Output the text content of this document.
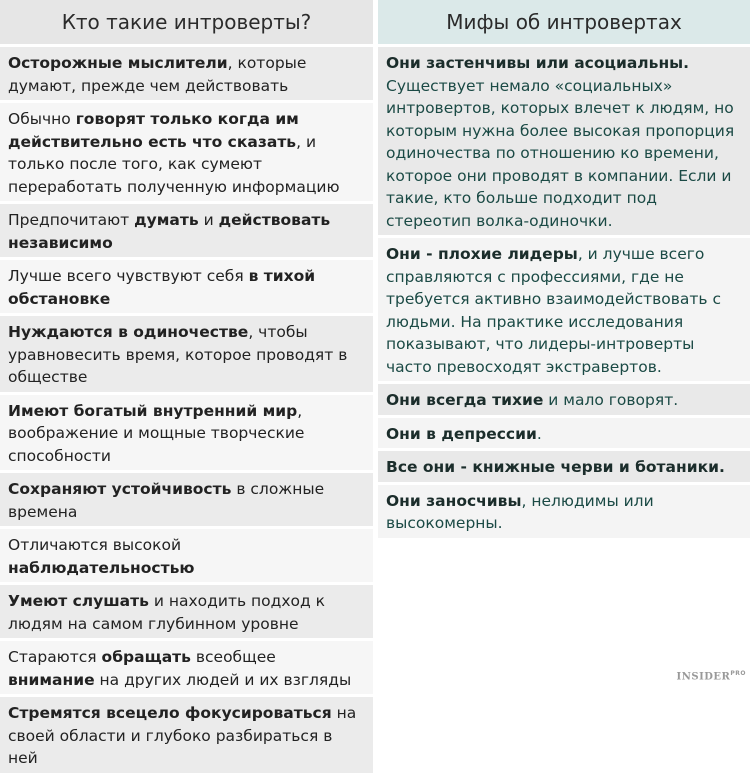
Кто такие интроверты?
Осторожные мыслители, которые думают, прежде чем действовать
Обычно говорят только когда им действительно есть что сказать, и только после того, как сумеют переработать полученную информацию
Предпочитают думать и действовать независимо
Лучше всего чувствуют себя в тихой обстановке
Нуждаются в одиночестве, чтобы уравновесить время, которое проводят в обществе
Имеют богатый внутренний мир, воображение и мощные творческие способности
Сохраняют устойчивость в сложные времена
Отличаются высокой наблюдательностью
Умеют слушать и находить подход к людям на самом глубинном уровне
Стараются обращать всеобщее внимание на других людей и их взгляды
Стремятся всецело фокусироваться на своей области и глубоко разбираться в ней
Мифы об интровертах
Они застенчивы или асоциальны. Существует немало «социальных» интровертов, которых влечет к людям, но которым нужна более высокая пропорция одиночества по отношению ко времени, которое они проводят в компании. Если и такие, кто больше подходит под стереотип волка-одиночки.
Они - плохие лидеры, и лучше всего справляются с профессиями, где не требуется активно взаимодействовать с людьми. На практике исследования показывают, что лидеры-интроверты часто превосходят экстравертов.
Они всегда тихие и мало говорят.
Они в депрессии.
Все они - книжные черви и ботаники.
Они заносчивы, нелюдимы или высокомерны.
$INSIDER^{PRO}$
